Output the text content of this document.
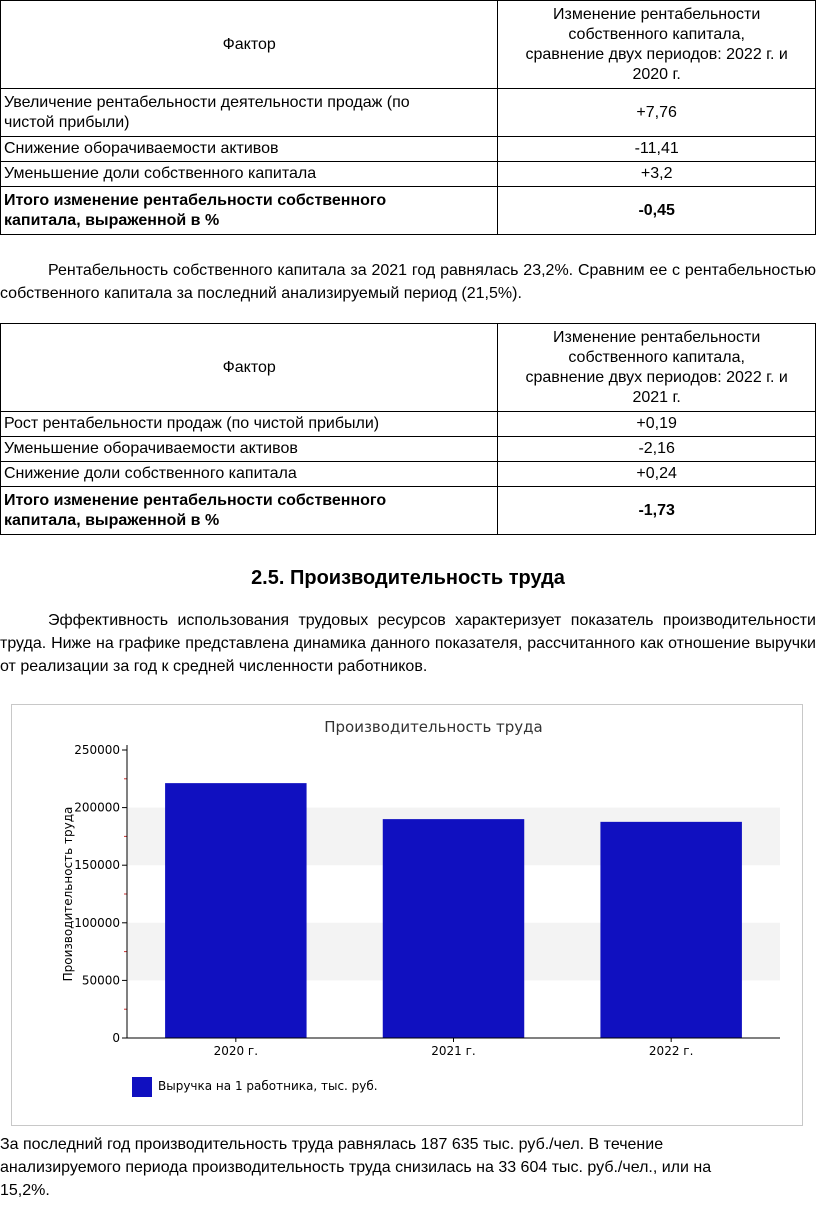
Фактор	Изменение рентабельности
собственного капитала,
сравнение двух периодов: 2022 г. и
2020 г.
Увеличение рентабельности деятельности продаж (по
чистой прибыли)	+7,76
Снижение оборачиваемости активов	-11,41
Уменьшение доли собственного капитала	+3,2
Итого изменение рентабельности собственного
капитала, выраженной в %	-0,45

Рентабельность собственного капитала за 2021 год равнялась 23,2%. Сравним ее с рентабельностью собственного капитала за последний анализируемый период (21,5%).

Фактор	Изменение рентабельности
собственного капитала,
сравнение двух периодов: 2022 г. и
2021 г.
Рост рентабельности продаж (по чистой прибыли)	+0,19
Уменьшение оборачиваемости активов	-2,16
Снижение доли собственного капитала	+0,24
Итого изменение рентабельности собственного
капитала, выраженной в %	-1,73
2.5. Производительность труда

Эффективность использования трудовых ресурсов характеризует показатель производительности труда. Ниже на графике представлена динамика данного показателя, рассчитанного как отношение выручки от реализации за год к средней численности работников.

Производительность труда
0
50000
100000
150000
200000
250000
2020 г.	2021 г.	2022 г.
Производительность труда
Выручка на 1 работника, тыс. руб.

За последний год производительность труда равнялась 187 635 тыс. руб./чел. В течение анализируемого периода производительность труда снизилась на 33 604 тыс. руб./чел., или на 15,2%.
